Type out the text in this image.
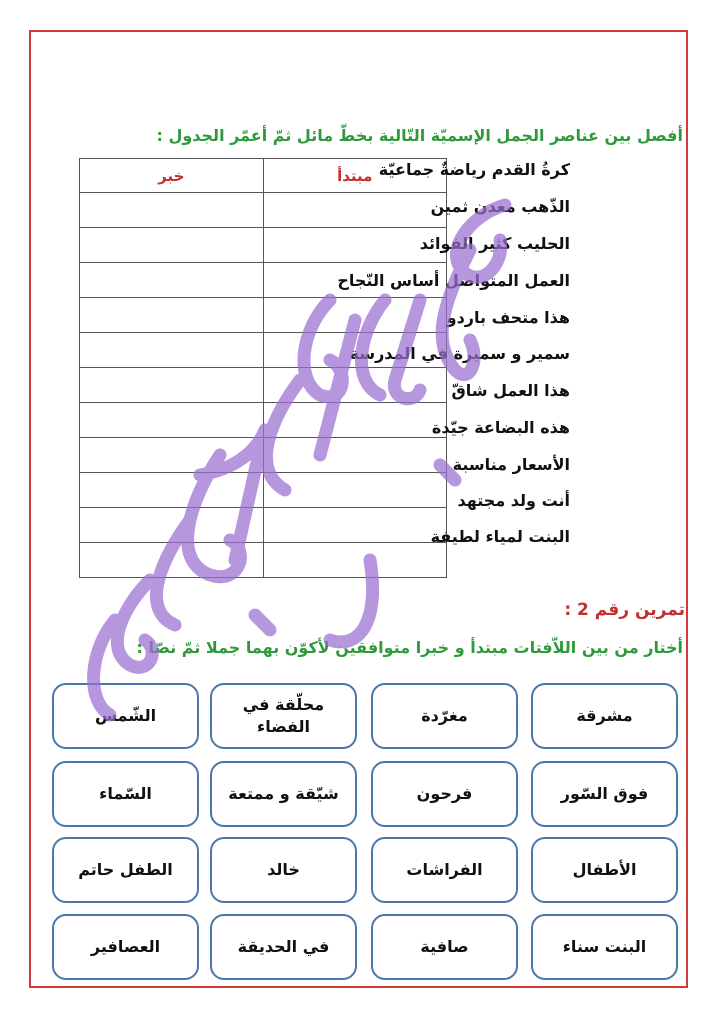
أفصل بين عناصر الجمل الإسميّة التّالية بخطّ مائل ثمّ أعمّر الجدول :
خبر	مبتدأ

	كرةُ القدم رياضةٌ جماعيّة
الذّهب معدن ثمين
الحليب كثير الفوائد
العمل المتواصل أساس النّجاح
هذا متحف باردو
سمير و سميرة في المدرسة
هذا العمل شاقّ
هذه البضاعة جيّدة
الأسعار مناسبة
أنت ولد مجتهد
البنت لمياء لطيفة
تمرين رقم 2 :
أختار من بين اللاّفتات مبتدأ و خبرا متوافقين لأكوّن بهما جملا ثمّ نصّا :
مشرقة
مغرّدة
محلّقة في الفضاء
الشّمس
فوق السّور
فرحون
شيّقة و ممتعة
السّماء
الأطفال
الفراشات
خالد
الطفل حاتم
البنت سناء
صافية
في الحديقة
العصافير
